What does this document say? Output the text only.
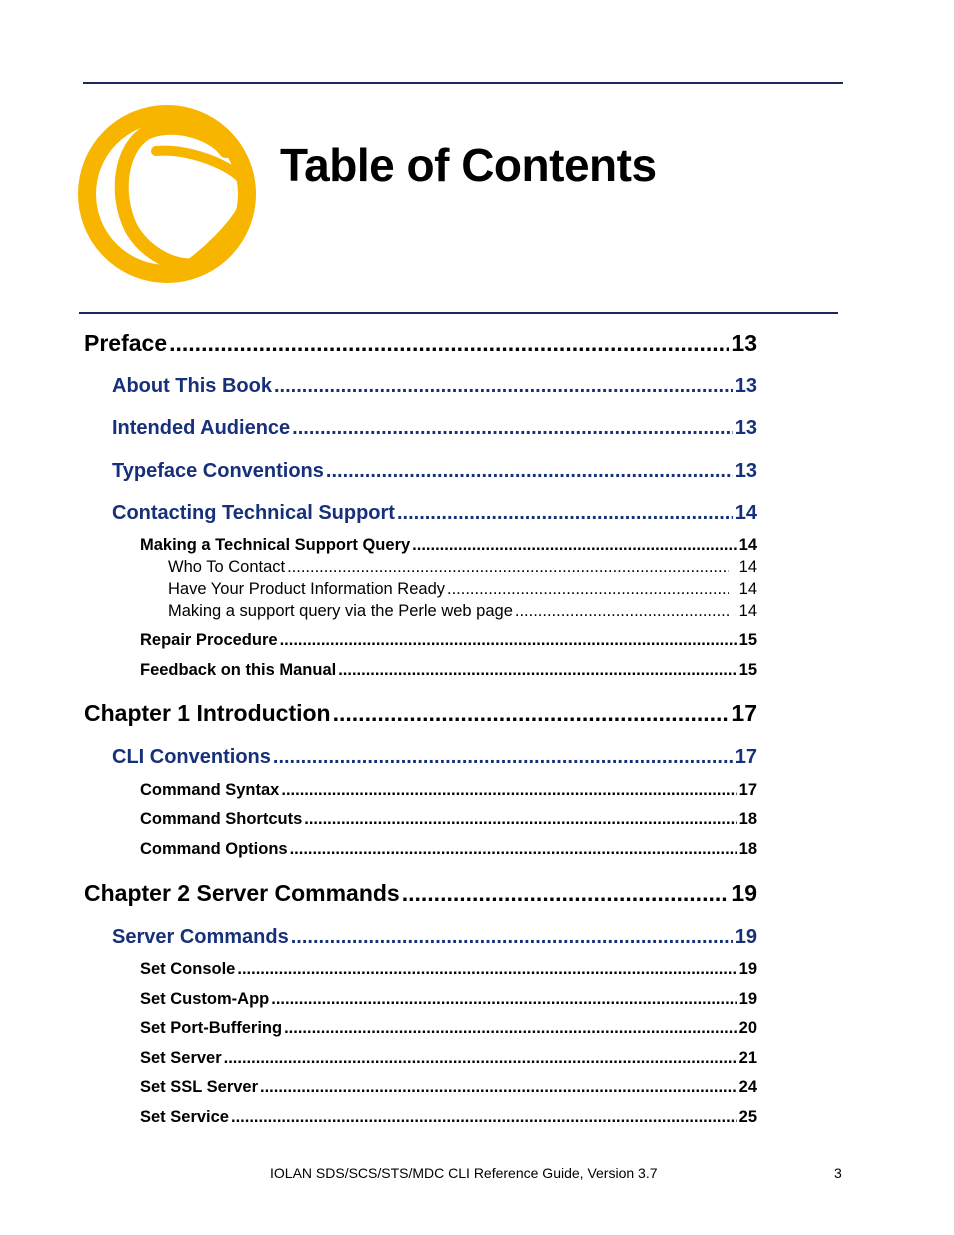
Table of Contents
Preface .....	13
About This Book .....	13
Intended Audience .....	13
Typeface Conventions .....	13
Contacting Technical Support .....	14
Making a Technical Support Query .....	14
Who To Contact .....	14
Have Your Product Information Ready .....	14
Making a support query via the Perle web page .....	14
Repair Procedure .....	15
Feedback on this Manual .....	15
Chapter 1 Introduction .....	17
CLI Conventions .....	17
Command Syntax .....	17
Command Shortcuts .....	18
Command Options .....	18
Chapter 2 Server Commands .....	19
Server Commands .....	19
Set Console .....	19
Set Custom-App .....	19
Set Port-Buffering .....	20
Set Server .....	21
Set SSL Server .....	24
Set Service .....	25
IOLAN SDS/SCS/STS/MDC CLI Reference Guide, Version 3.7	3
